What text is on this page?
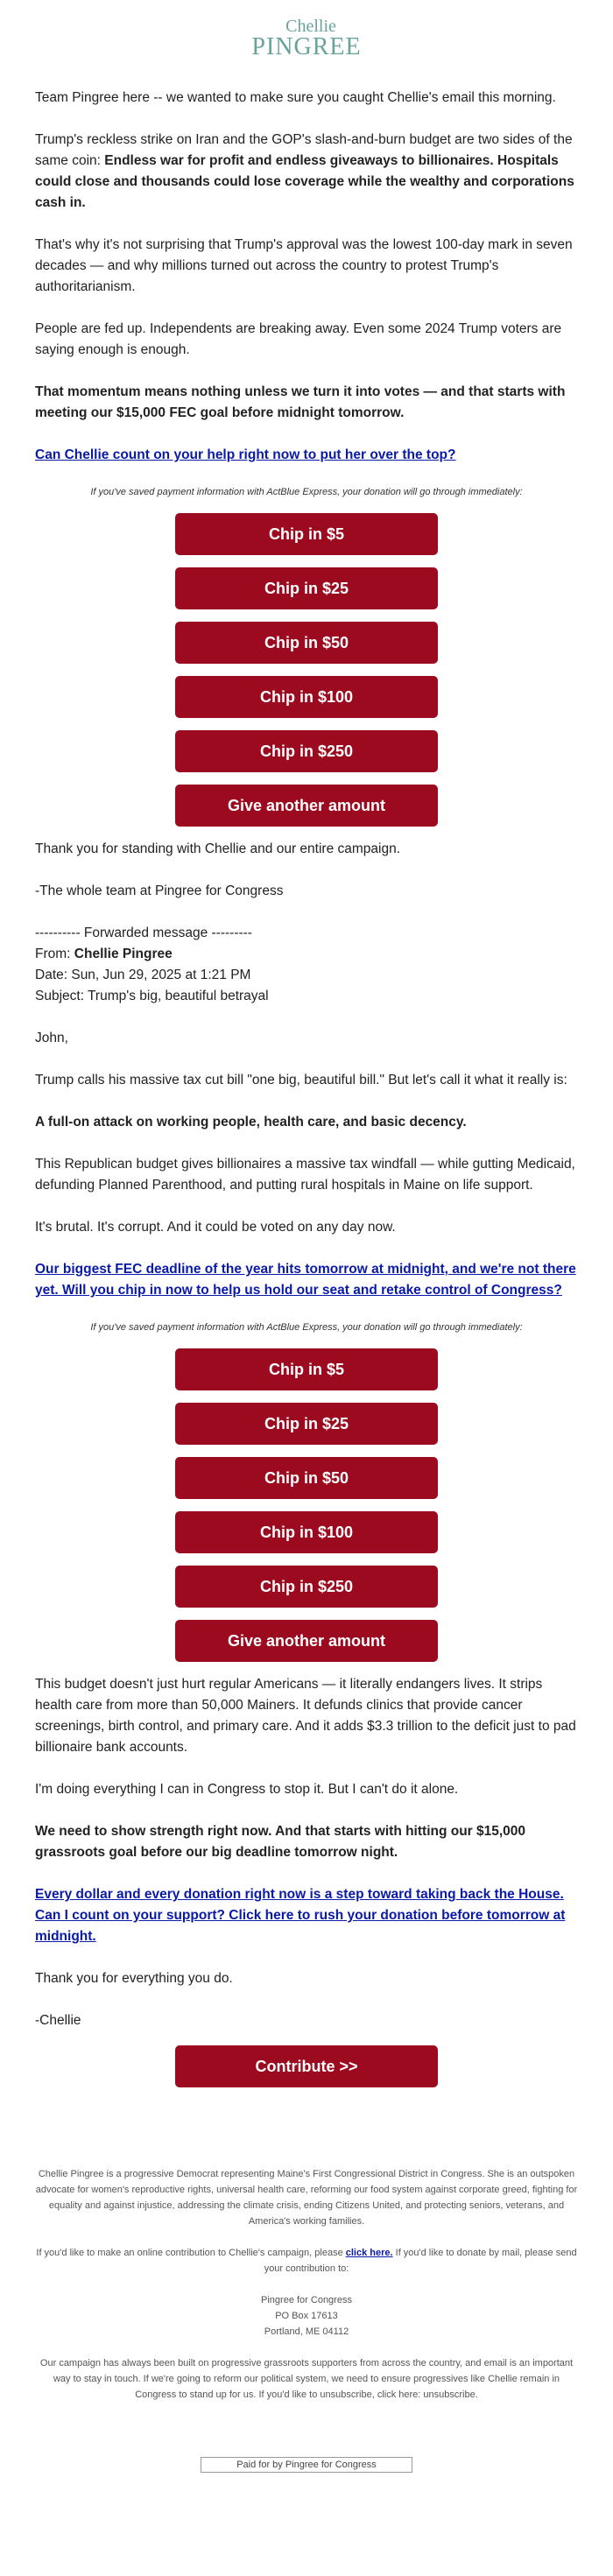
Chellie
PINGREE

Team Pingree here -- we wanted to make sure you caught Chellie's email this morning.

Trump's reckless strike on Iran and the GOP's slash-and-burn budget are two sides of the same coin: Endless war for profit and endless giveaways to billionaires. Hospitals could close and thousands could lose coverage while the wealthy and corporations cash in.

That's why it's not surprising that Trump's approval was the lowest 100-day mark in seven decades — and why millions turned out across the country to protest Trump's authoritarianism.

People are fed up. Independents are breaking away. Even some 2024 Trump voters are saying enough is enough.

That momentum means nothing unless we turn it into votes — and that starts with meeting our $15,000 FEC goal before midnight tomorrow.

Can Chellie count on your help right now to put her over the top?

If you've saved payment information with ActBlue Express, your donation will go through immediately:
Chip in $5
Chip in $25
Chip in $50
Chip in $100
Chip in $250
Give another amount

Thank you for standing with Chellie and our entire campaign.

-The whole team at Pingree for Congress

---------- Forwarded message ---------

From: Chellie Pingree

Date: Sun, Jun 29, 2025 at 1:21 PM

Subject: Trump's big, beautiful betrayal

John,

Trump calls his massive tax cut bill "one big, beautiful bill." But let's call it what it really is:

A full-on attack on working people, health care, and basic decency.

This Republican budget gives billionaires a massive tax windfall — while gutting Medicaid, defunding Planned Parenthood, and putting rural hospitals in Maine on life support.

It's brutal. It's corrupt. And it could be voted on any day now.

Our biggest FEC deadline of the year hits tomorrow at midnight, and we're not there yet. Will you chip in now to help us hold our seat and retake control of Congress?

If you've saved payment information with ActBlue Express, your donation will go through immediately:
Chip in $5
Chip in $25
Chip in $50
Chip in $100
Chip in $250
Give another amount

This budget doesn't just hurt regular Americans — it literally endangers lives. It strips health care from more than 50,000 Mainers. It defunds clinics that provide cancer screenings, birth control, and primary care. And it adds $3.3 trillion to the deficit just to pad billionaire bank accounts.

I'm doing everything I can in Congress to stop it. But I can't do it alone.

We need to show strength right now. And that starts with hitting our $15,000 grassroots goal before our big deadline tomorrow night.

Every dollar and every donation right now is a step toward taking back the House. Can I count on your support? Click here to rush your donation before tomorrow at midnight.

Thank you for everything you do.

-Chellie

Contribute >>

Chellie Pingree is a progressive Democrat representing Maine's First Congressional District in Congress. She is an outspoken advocate for women's reproductive rights, universal health care, reforming our food system against corporate greed, fighting for equality and against injustice, addressing the climate crisis, ending Citizens United, and protecting seniors, veterans, and America's working families.

If you'd like to make an online contribution to Chellie's campaign, please click here. If you'd like to donate by mail, please send your contribution to:

Pingree for Congress

PO Box 17613

Portland, ME 04112

Our campaign has always been built on progressive grassroots supporters from across the country, and email is an important way to stay in touch. If we're going to reform our political system, we need to ensure progressives like Chellie remain in Congress to stand up for us. If you'd like to unsubscribe, click here: unsubscribe.

Paid for by Pingree for Congress
